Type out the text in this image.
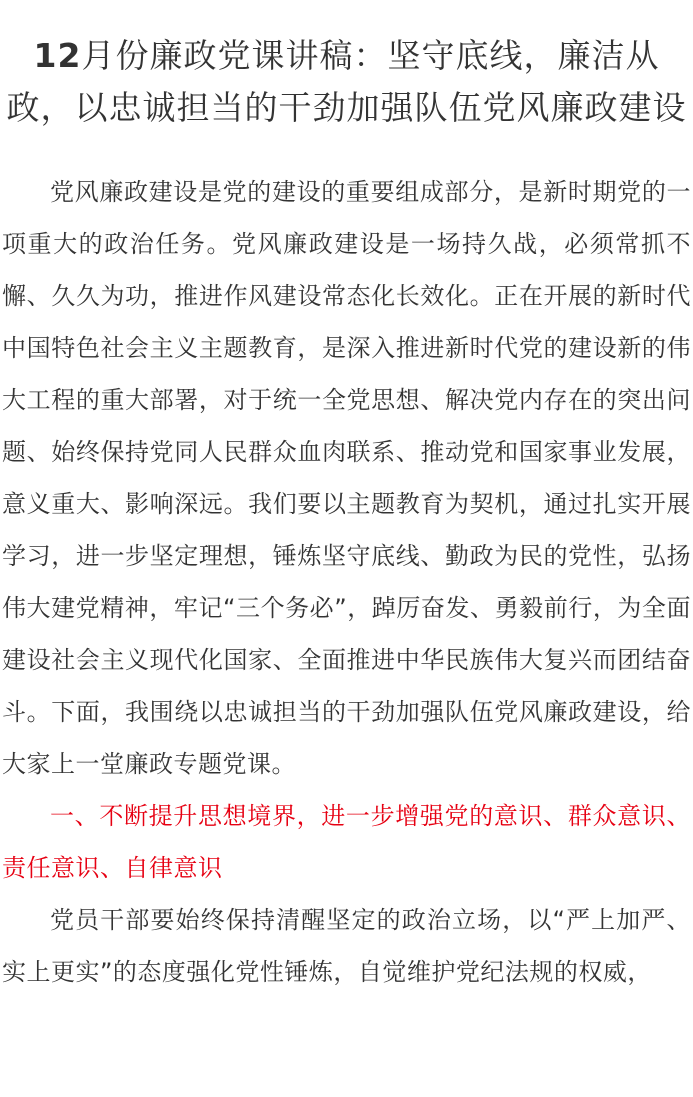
12月份廉政党课讲稿：坚守底线，廉洁从政，以忠诚担当的干劲加强队伍党风廉政建设

党风廉政建设是党的建设的重要组成部分，是新时期党的一项重大的政治任务。党风廉政建设是一场持久战，必须常抓不懈、久久为功，推进作风建设常态化长效化。正在开展的新时代中国特色社会主义主题教育，是深入推进新时代党的建设新的伟大工程的重大部署，对于统一全党思想、解决党内存在的突出问题、始终保持党同人民群众血肉联系、推动党和国家事业发展，意义重大、影响深远。我们要以主题教育为契机，通过扎实开展学习，进一步坚定理想，锤炼坚守底线、勤政为民的党性，弘扬伟大建党精神，牢记“三个务必”，踔厉奋发、勇毅前行，为全面建设社会主义现代化国家、全面推进中华民族伟大复兴而团结奋斗。下面，我围绕以忠诚担当的干劲加强队伍党风廉政建设，给大家上一堂廉政专题党课。

一、不断提升思想境界，进一步增强党的意识、群众意识、责任意识、自律意识

党员干部要始终保持清醒坚定的政治立场，以“严上加严、实上更实”的态度强化党性锤炼，自觉维护党纪法规的权威，
